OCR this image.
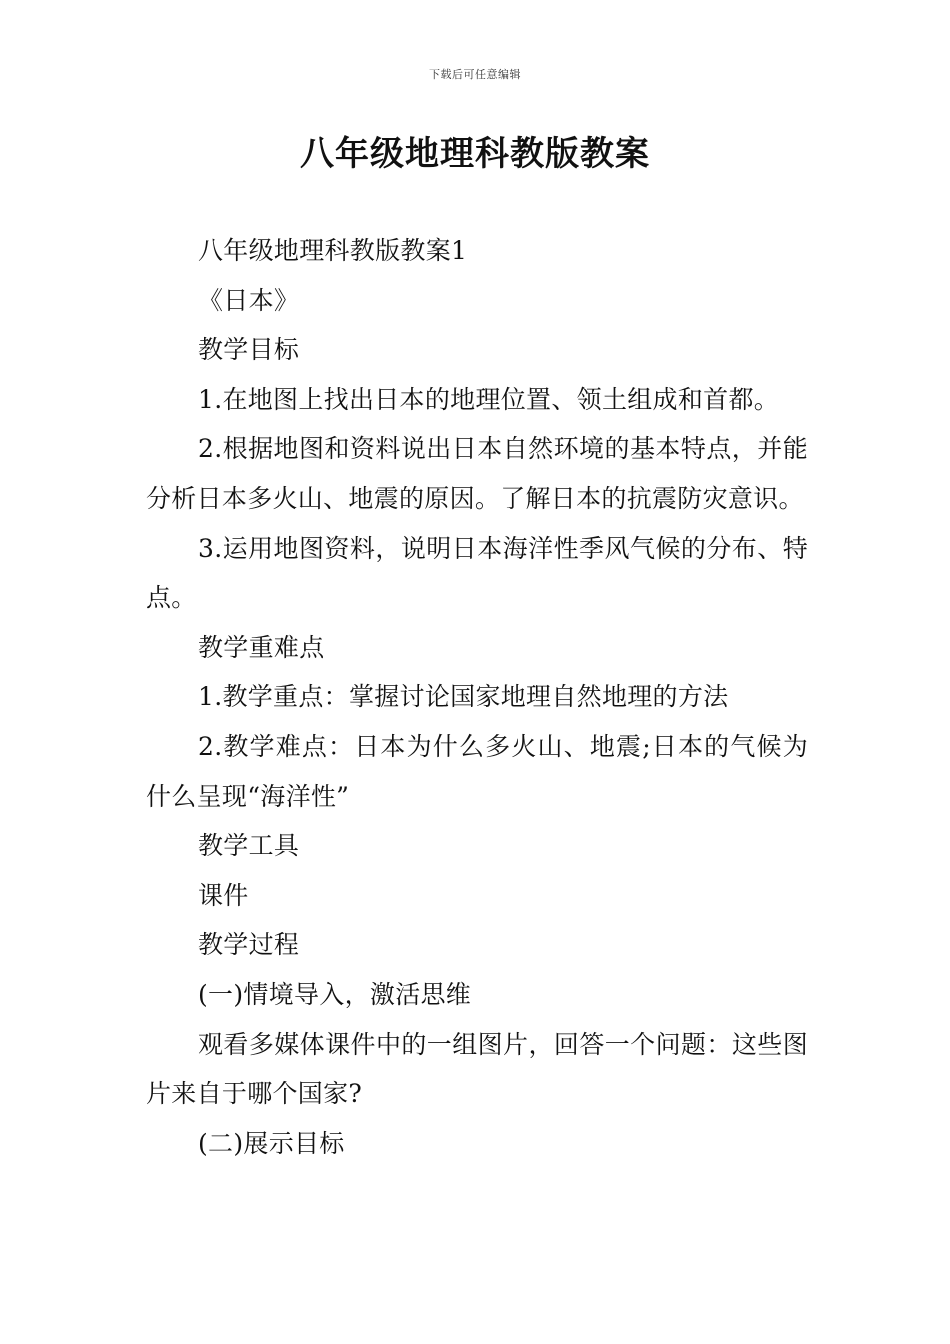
下载后可任意编辑
八年级地理科教版教案

八年级地理科教版教案1

《日本》

教学目标

1.在地图上找出日本的地理位置、领土组成和首都。

2.根据地图和资料说出日本自然环境的基本特点，并能分析日本多火山、地震的原因。了解日本的抗震防灾意识。

3.运用地图资料，说明日本海洋性季风气候的分布、特点。

教学重难点

1.教学重点：掌握讨论国家地理自然地理的方法

2.教学难点：日本为什么多火山、地震;日本的气候为什么呈现“海洋性”

教学工具

课件

教学过程

(一)情境导入，激活思维

观看多媒体课件中的一组图片，回答一个问题：这些图片来自于哪个国家?

(二)展示目标
